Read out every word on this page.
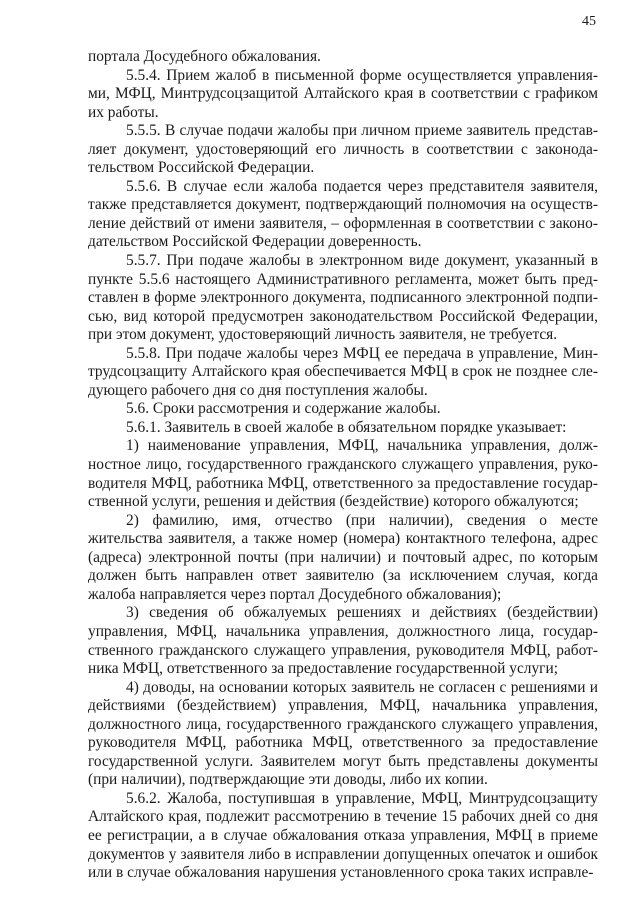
45

портала Досудебного обжалования.

5.5.4. Прием жалоб в письменной форме осуществляется управлениями, МФЦ, Минтрудсоцзащитой Алтайского края в соответствии с графиком их работы.

5.5.5. В случае подачи жалобы при личном приеме заявитель представляет документ, удостоверяющий его личность в соответствии с законодательством Российской Федерации.

5.5.6. В случае если жалоба подается через представителя заявителя, также представляется документ, подтверждающий полномочия на осуществление действий от имени заявителя, – оформленная в соответствии с законодательством Российской Федерации доверенность.

5.5.7. При подаче жалобы в электронном виде документ, указанный в пункте 5.5.6 настоящего Административного регламента, может быть представлен в форме электронного документа, подписанного электронной подписью, вид которой предусмотрен законодательством Российской Федерации, при этом документ, удостоверяющий личность заявителя, не требуется.

5.5.8. При подаче жалобы через МФЦ ее передача в управление, Минтрудсоцзащиту Алтайского края обеспечивается МФЦ в срок не позднее следующего рабочего дня со дня поступления жалобы.

5.6. Сроки рассмотрения и содержание жалобы.

5.6.1. Заявитель в своей жалобе в обязательном порядке указывает:

1) наименование управления, МФЦ, начальника управления, должностное лицо, государственного гражданского служащего управления, руководителя МФЦ, работника МФЦ, ответственного за предоставление государственной услуги, решения и действия (бездействие) которого обжалуются;

2) фамилию, имя, отчество (при наличии), сведения о месте жительства заявителя, а также номер (номера) контактного телефона, адрес (адреса) электронной почты (при наличии) и почтовый адрес, по которым должен быть направлен ответ заявителю (за исключением случая, когда жалоба направляется через портал Досудебного обжалования);

3) сведения об обжалуемых решениях и действиях (бездействии) управления, МФЦ, начальника управления, должностного лица, государственного гражданского служащего управления, руководителя МФЦ, работника МФЦ, ответственного за предоставление государственной услуги;

4) доводы, на основании которых заявитель не согласен с решениями и действиями (бездействием) управления, МФЦ, начальника управления, должностного лица, государственного гражданского служащего управления, руководителя МФЦ, работника МФЦ, ответственного за предоставление государственной услуги. Заявителем могут быть представлены документы (при наличии), подтверждающие эти доводы, либо их копии.

5.6.2. Жалоба, поступившая в управление, МФЦ, Минтрудсоцзащиту Алтайского края, подлежит рассмотрению в течение 15 рабочих дней со дня ее регистрации, а в случае обжалования отказа управления, МФЦ в приеме документов у заявителя либо в исправлении допущенных опечаток и ошибок или в случае обжалования нарушения установленного срока таких исправле-
